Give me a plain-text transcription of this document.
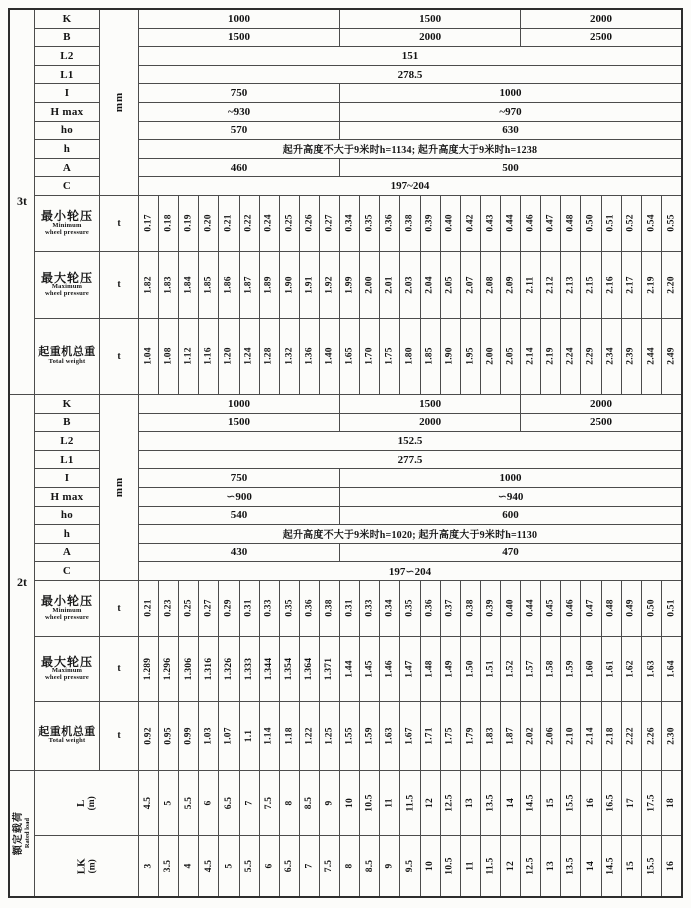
3t
mm
K	1000	1500	2000
B	1500	2000	2500
L2	151
L1	278.5
I	750	1000
H max	~930	~970
ho	570	630
h	起升高度不大于9米时h=1134; 起升高度大于9米时h=1238
A	460	500
C	197~204
最小轮压
Minimum
wheel pressure
t 0.17 0.18 0.19 0.20 0.21 0.22 0.24 0.25 0.26 0.27 0.34 0.35 0.36 0.38 0.39 0.40 0.42 0.43 0.44 0.46 0.47 0.48 0.50 0.51 0.52 0.54 0.55
最大轮压
Maximum
wheel pressure
t 1.82 1.83 1.84 1.85 1.86 1.87 1.89 1.90 1.91 1.92 1.99 2.00 2.01 2.03 2.04 2.05 2.07 2.08 2.09 2.11 2.12 2.13 2.15 2.16 2.17 2.19 2.20
起重机总重
Total weight	t 1.04 1.08 1.12 1.16 1.20 1.24 1.28 1.32 1.36 1.40 1.65 1.70 1.75 1.80 1.85 1.90 1.95 2.00 2.05 2.14 2.19 2.24 2.29 2.34 2.39 2.44 2.49
2t
mm
K	1000	1500	2000
B	1500	2000	2500
L2	152.5
L1	277.5
I	750	1000
H max	∽900	∽940
ho	540	600
h	起升高度不大于9米时h=1020; 起升高度大于9米时h=1130
A	430	470
C	197∽204
最小轮压
Minimum
wheel pressure
t 0.21 0.23 0.25 0.27 0.29 0.31 0.33 0.35 0.36 0.38 0.31 0.33 0.34 0.35 0.36 0.37 0.38 0.39 0.40 0.44 0.45 0.46 0.47 0.48 0.49 0.50 0.51
最大轮压
Maximum
wheel pressure
t 1.289 1.296 1.306 1.316 1.326 1.333 1.344 1.354 1.364 1.371 1.44 1.45 1.46 1.47 1.48 1.49 1.50 1.51 1.52 1.57 1.58 1.59 1.60 1.61 1.62 1.63 1.64
起重机总重
Total weight	t 0.92 0.95 0.99 1.03 1.07 1.1 1.14 1.18 1.22 1.25 1.55 1.59 1.63 1.67 1.71 1.75 1.79 1.83 1.87 2.02 2.06 2.10 2.14 2.18 2.22 2.26 2.30
额定载荷 Rated load
L (m)	4.5 5 5.5 6 6.5 7 7.5 8 8.5 9 10 10.5 11 11.5 12 12.5 13 13.5 14 14.5 15 15.5 16 16.5 17 17.5 18
LK (m)	3 3.5 4 4.5 5 5.5 6 6.5 7 7.5 8 8.5 9 9.5 10 10.5 11 11.5 12 12.5 13 13.5 14 14.5 15 15.5 16
